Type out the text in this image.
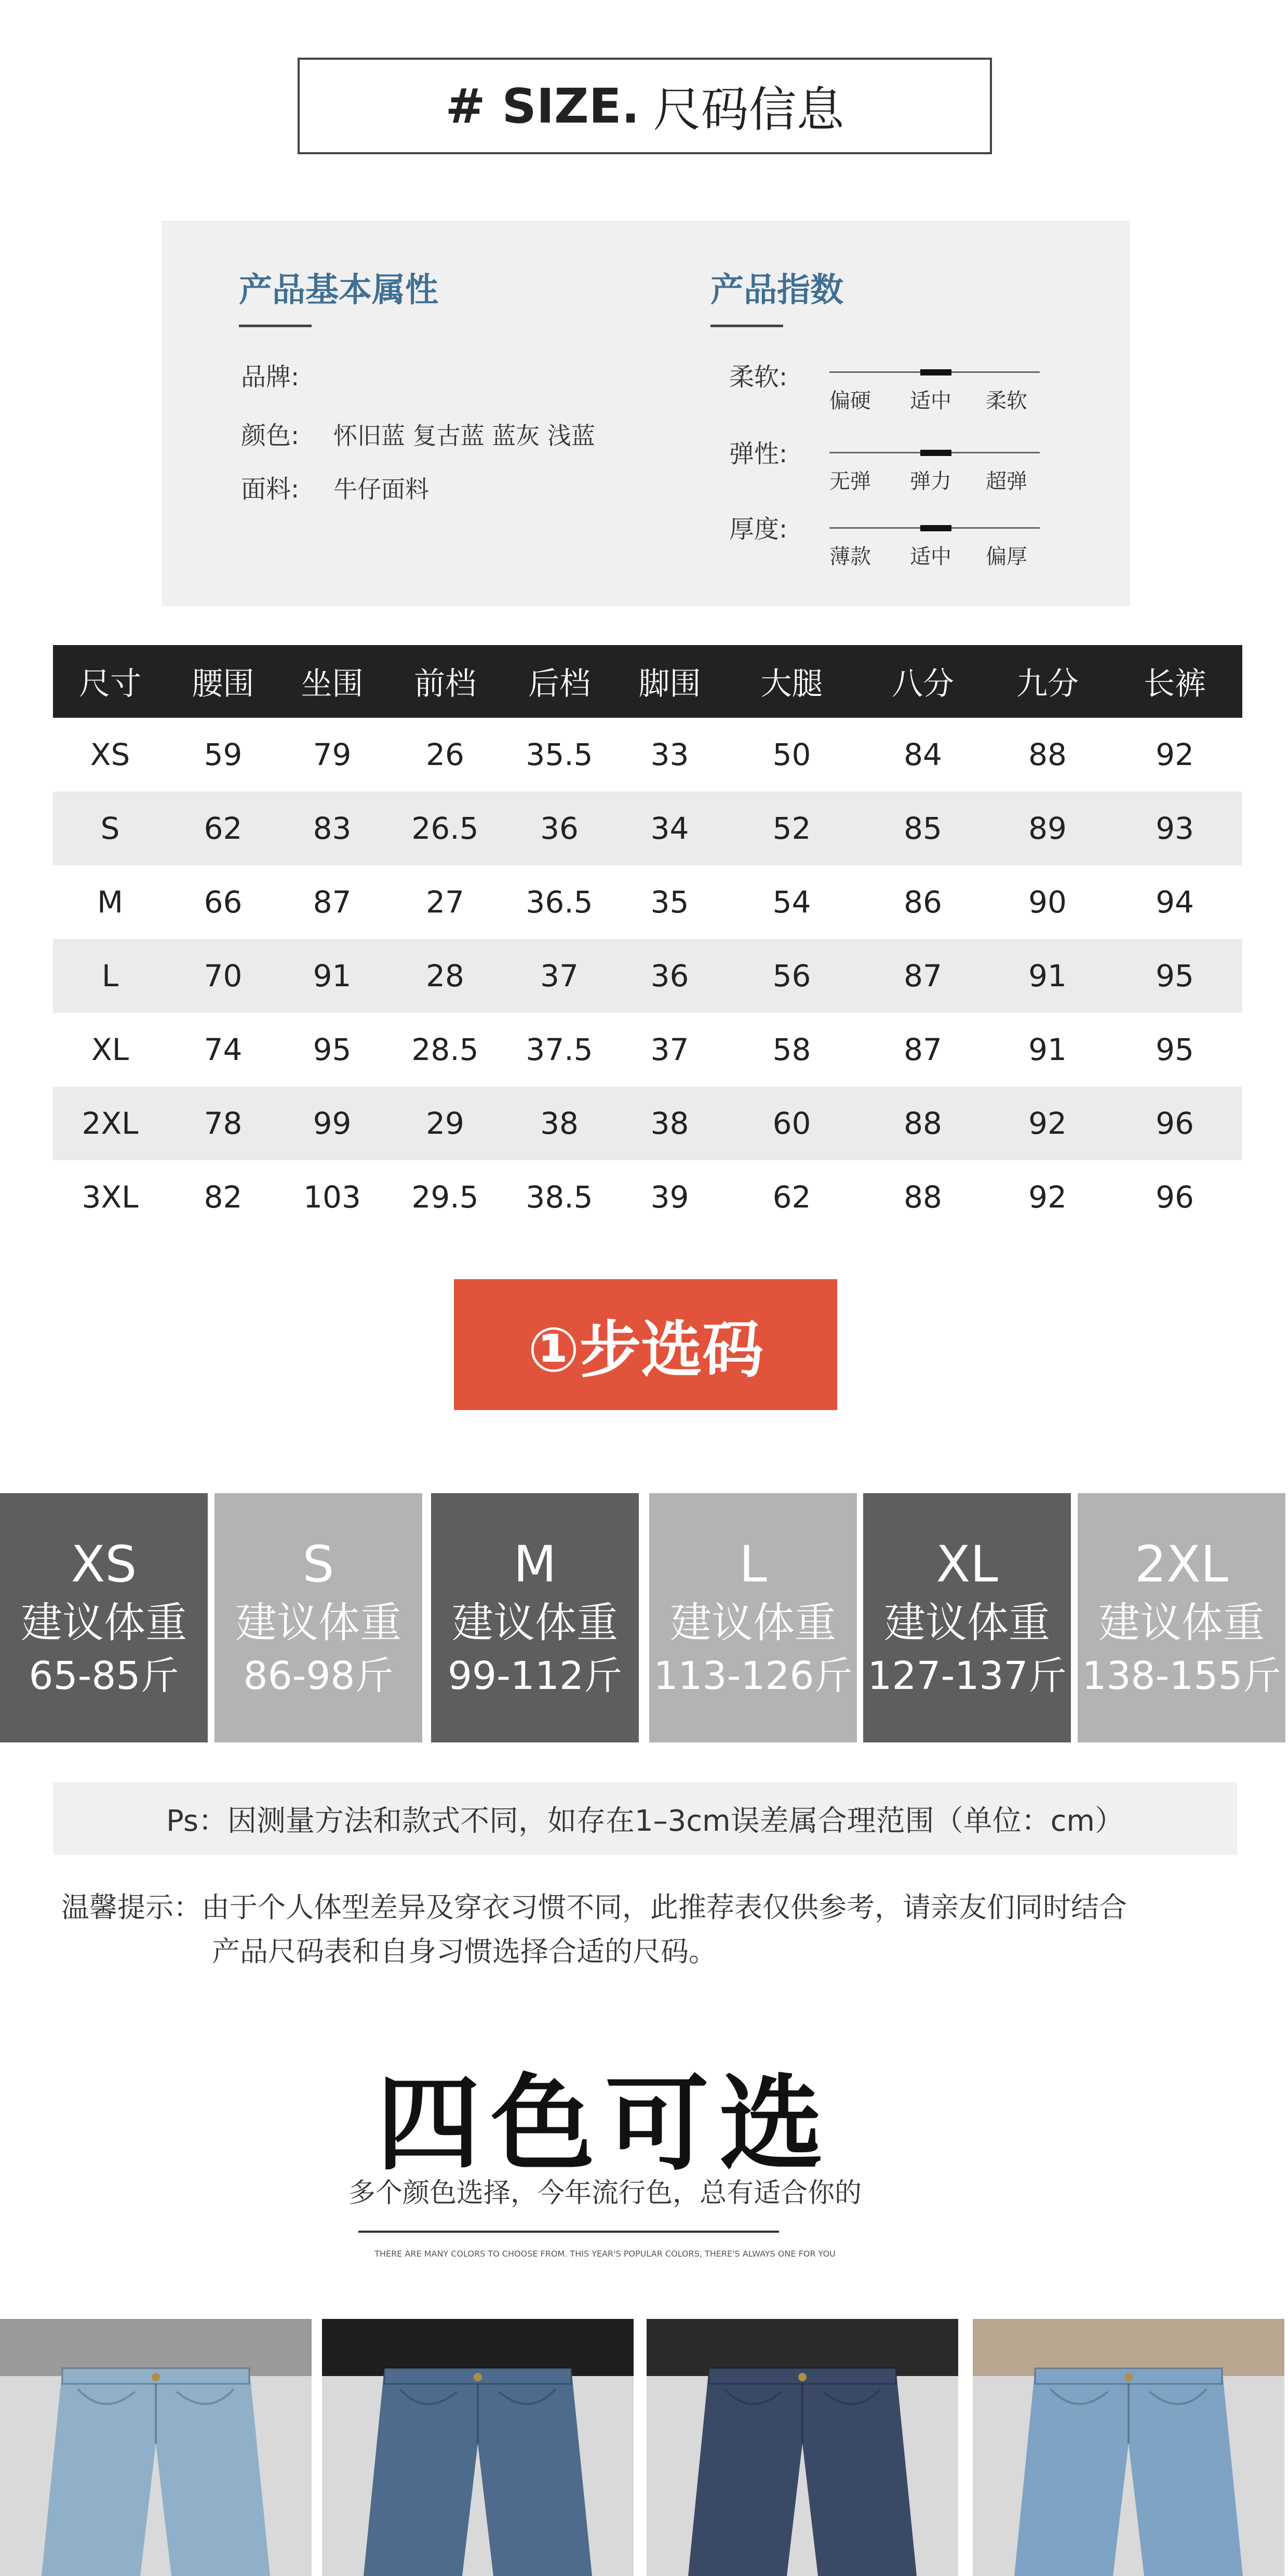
# SIZE. 尺码信息
产品基本属性
品牌:
颜色: 怀旧蓝 复古蓝 蓝灰 浅蓝
面料: 牛仔面料
产品指数
柔软:
偏硬 适中 柔软
弹性:
无弹 弹力 超弹
厚度:
薄款 适中 偏厚
尺寸	腰围	坐围	前档	后档	脚围	大腿	八分	九分	长裤
XS	59	79	26	35.5	33	50	84	88	92
S	62	83	26.5	36	34	52	85	89	93
M	66	87	27	36.5	35	54	86	90	94
L	70	91	28	37	36	56	87	91	95
XL	74	95	28.5	37.5	37	58	87	91	95
2XL	78	99	29	38	38	60	88	92	96
3XL	82	103	29.5	38.5	39	62	88	92	96
①步选码
XS
建议体重
65-85斤
S
建议体重
86-98斤
M
建议体重
99-112斤
L
建议体重
113-126斤
XL
建议体重
127-137斤
2XL
建议体重
138-155斤
Ps：因测量方法和款式不同，如存在1–3cm误差属合理范围（单位：cm）
温馨提示：由于个人体型差异及穿衣习惯不同，此推荐表仅供参考，请亲友们同时结合
产品尺码表和自身习惯选择合适的尺码。
四色可选
多个颜色选择，今年流行色，总有适合你的
THERE ARE MANY COLORS TO CHOOSE FROM. THIS YEAR'S POPULAR COLORS, THERE'S ALWAYS ONE FOR YOU
